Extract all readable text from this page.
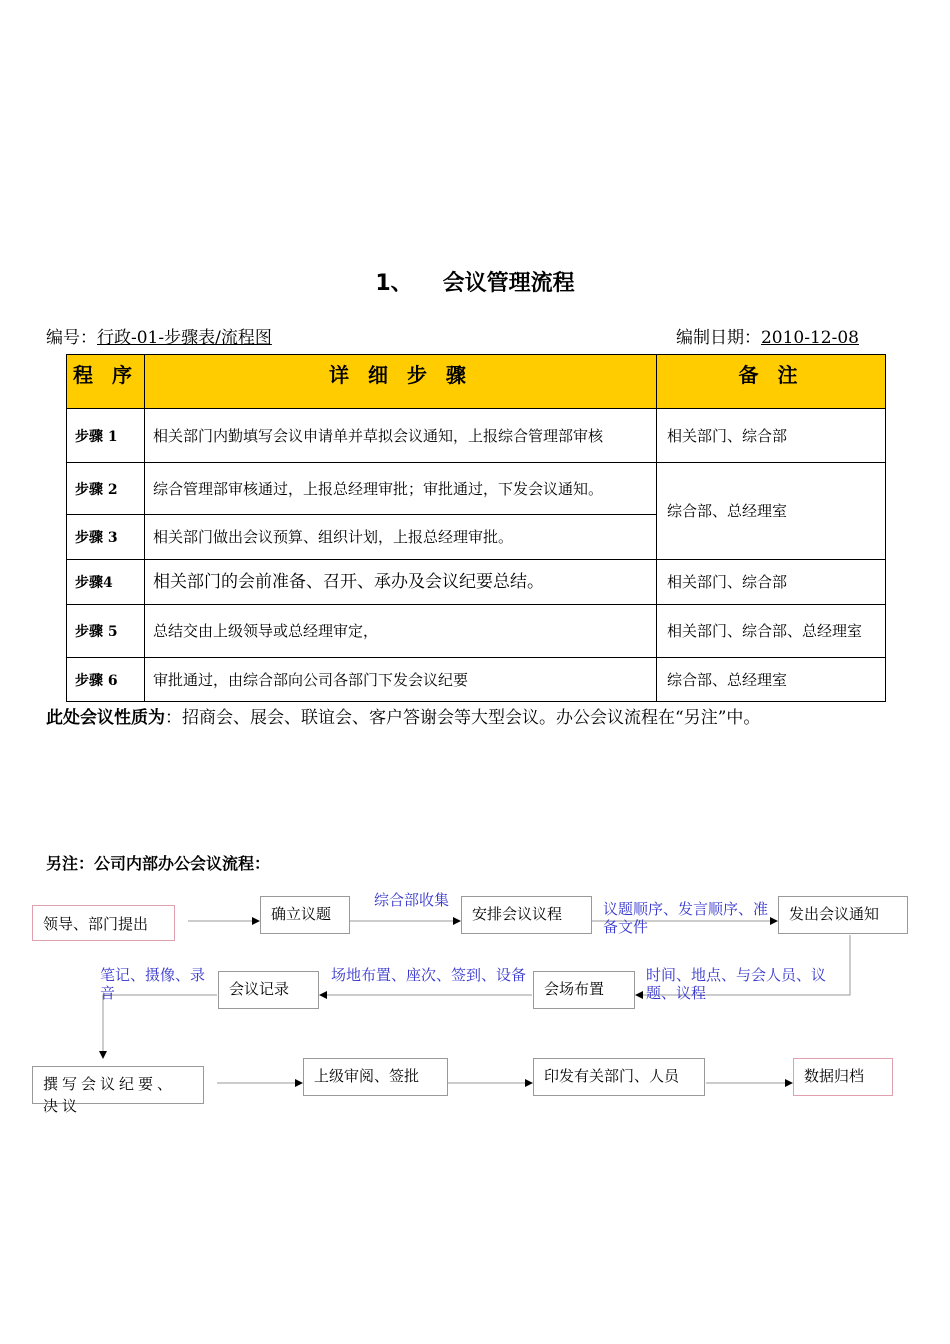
1、 会议管理流程
编号：行政-01-步骤表/流程图	编制日期：2010-12-08
程 序	详 细 步 骤	备 注
步骤 1	相关部门内勤填写会议申请单并草拟会议通知，上报综合管理部审核	相关部门、综合部
步骤 2	综合管理部审核通过，上报总经理审批；审批通过，下发会议通知。	综合部、总经理室
步骤 3	相关部门做出会议预算、组织计划，上报总经理审批。	
步骤4	相关部门的会前准备、召开、承办及会议纪要总结。	相关部门、综合部
步骤 5	总结交由上级领导或总经理审定，	相关部门、综合部、总经理室
步骤 6	审批通过，由综合部向公司各部门下发会议纪要	综合部、总经理室
此处会议性质为：招商会、展会、联谊会、客户答谢会等大型会议。办公会议流程在“另注”中。
另注：公司内部办公会议流程：
领导、部门提出
确立议题	安排会议议程	发出会议通知
会场布置
会议记录
撰写会议纪要、决议
上级审阅、签批	印发有关部门、人员	数据归档
综合部收集	议题顺序、发言顺序、准备文件
时间、地点、与会人员、议题、议程
场地布置、座次、签到、设备
笔记、摄像、录音
